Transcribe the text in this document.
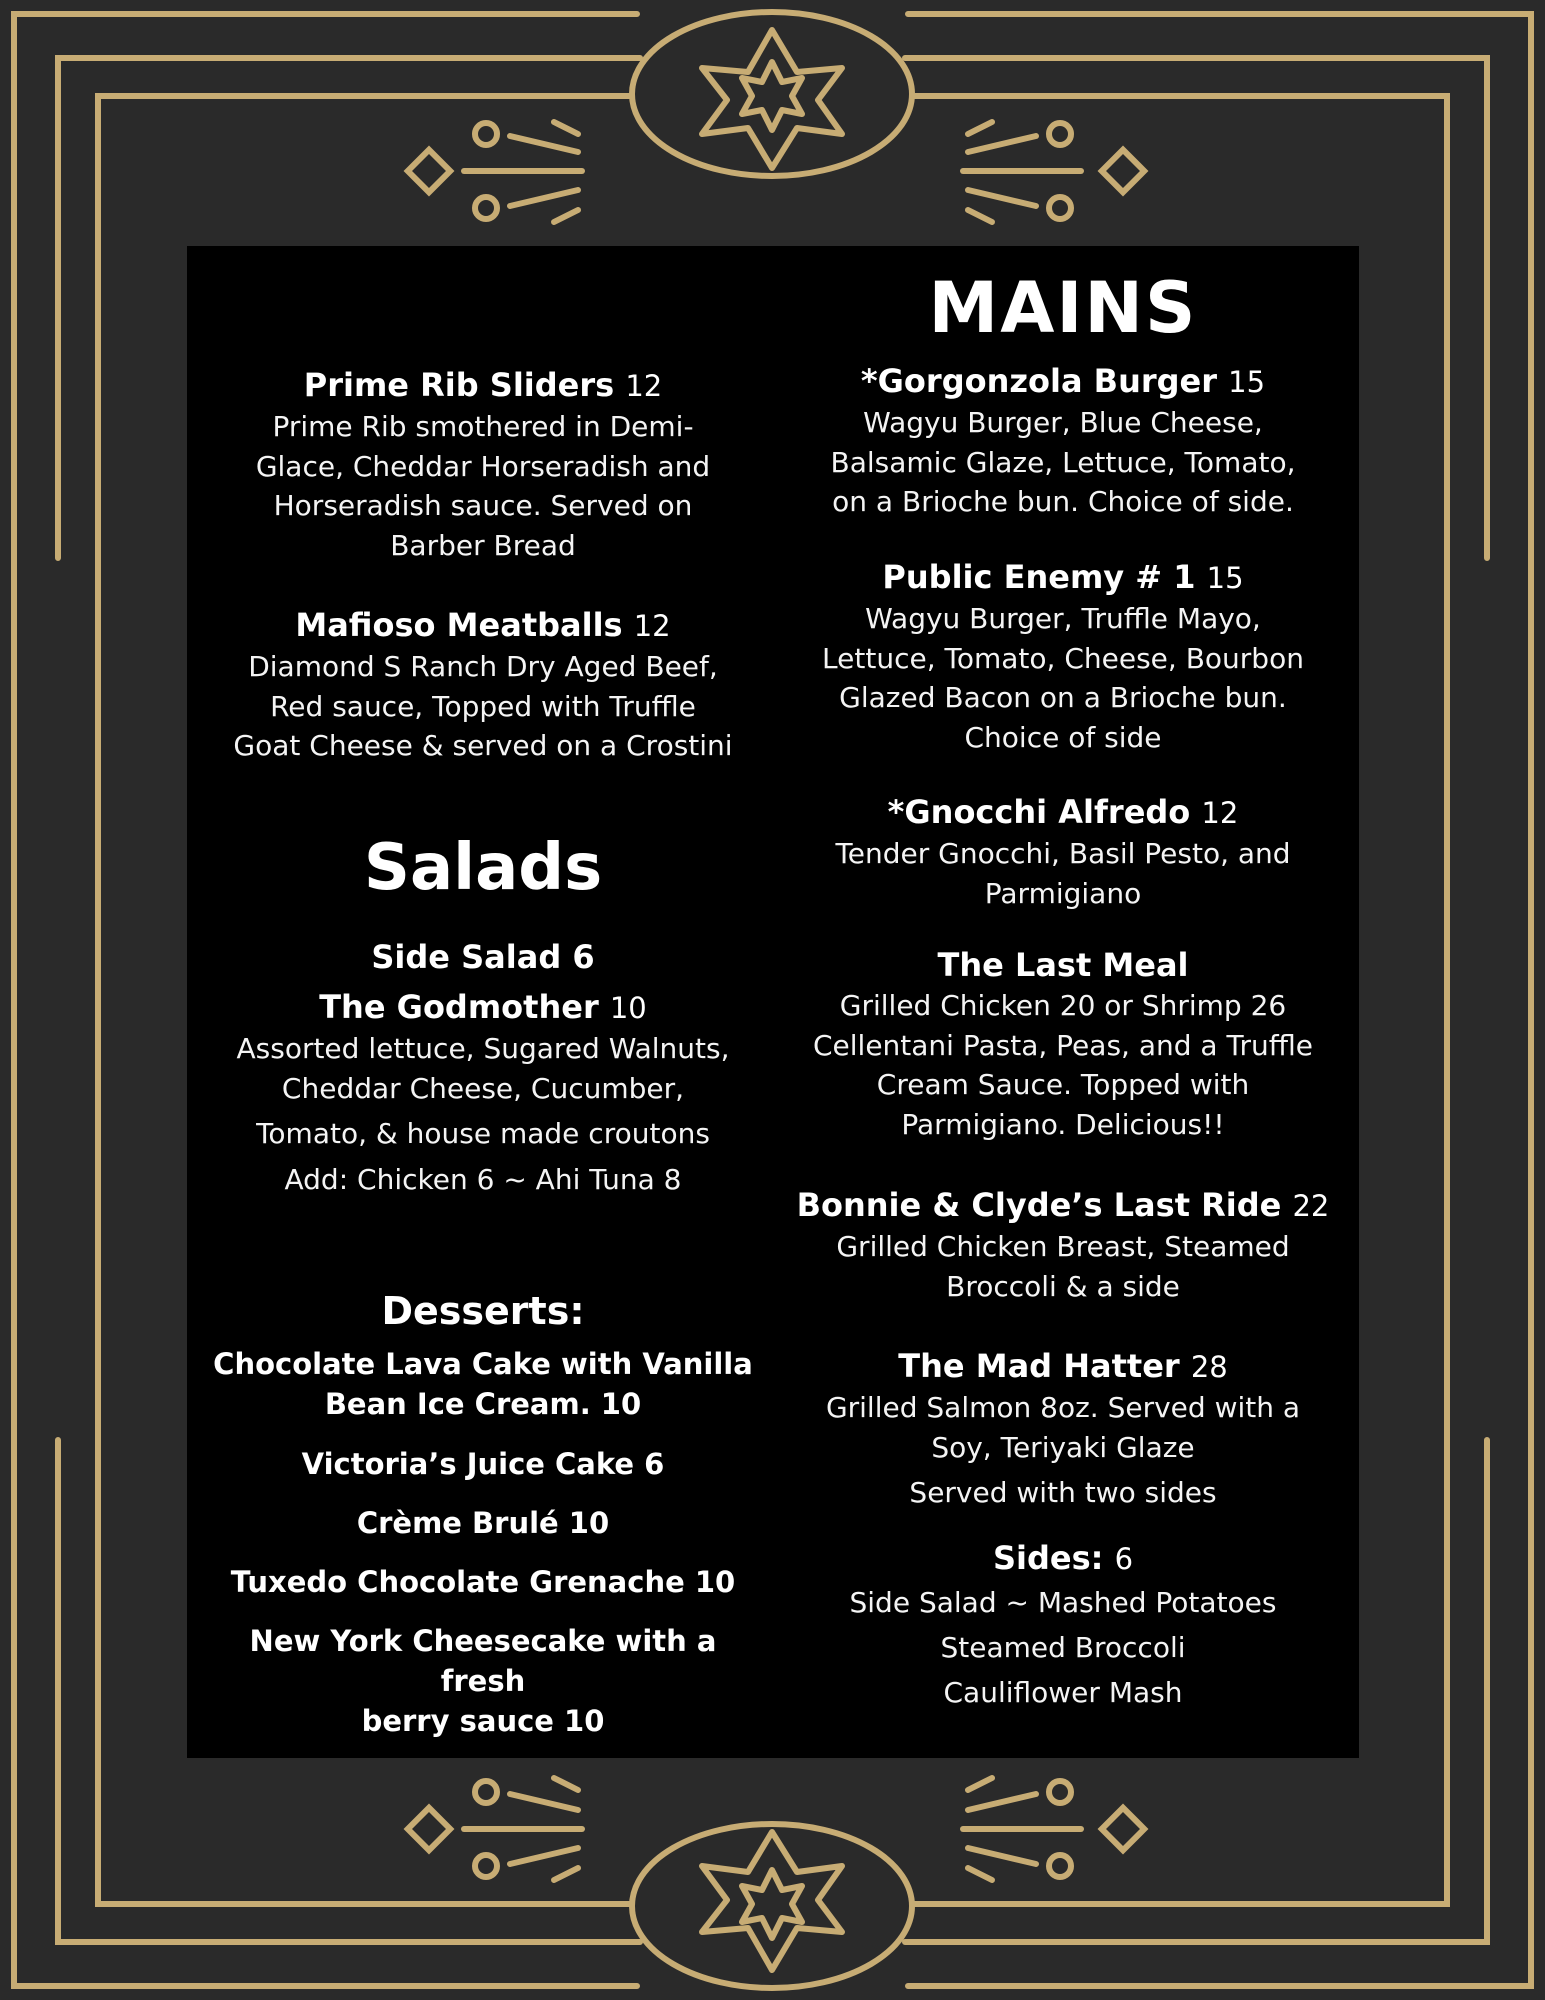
Prime Rib Sliders 12
Prime Rib smothered in Demi-
Glace, Cheddar Horseradish and
Horseradish sauce. Served on
Barber Bread
Mafioso Meatballs 12
Diamond S Ranch Dry Aged Beef,
Red sauce, Topped with Truffle
Goat Cheese & served on a Crostini
Salads
Side Salad 6
The Godmother 10
Assorted lettuce, Sugared Walnuts,
Cheddar Cheese, Cucumber,
Tomato, & house made croutons
Add: Chicken 6 ~ Ahi Tuna 8
Desserts:
Chocolate Lava Cake with Vanilla
Bean Ice Cream. 10
Victoria’s Juice Cake 6
Crème Brulé 10
Tuxedo Chocolate Grenache 10
New York Cheesecake with a fresh
berry sauce 10
MAINS
*Gorgonzola Burger 15
Wagyu Burger, Blue Cheese,
Balsamic Glaze, Lettuce, Tomato,
on a Brioche bun. Choice of side.
Public Enemy # 1 15
Wagyu Burger, Truffle Mayo,
Lettuce, Tomato, Cheese, Bourbon
Glazed Bacon on a Brioche bun.
Choice of side
*Gnocchi Alfredo 12
Tender Gnocchi, Basil Pesto, and
Parmigiano
The Last Meal
Grilled Chicken 20 or Shrimp 26
Cellentani Pasta, Peas, and a Truffle
Cream Sauce. Topped with
Parmigiano. Delicious!!
Bonnie & Clyde’s Last Ride 22
Grilled Chicken Breast, Steamed
Broccoli & a side
The Mad Hatter 28
Grilled Salmon 8oz. Served with a
Soy, Teriyaki Glaze
Served with two sides
Sides: 6
Side Salad ~ Mashed Potatoes
Steamed Broccoli
Cauliflower Mash
